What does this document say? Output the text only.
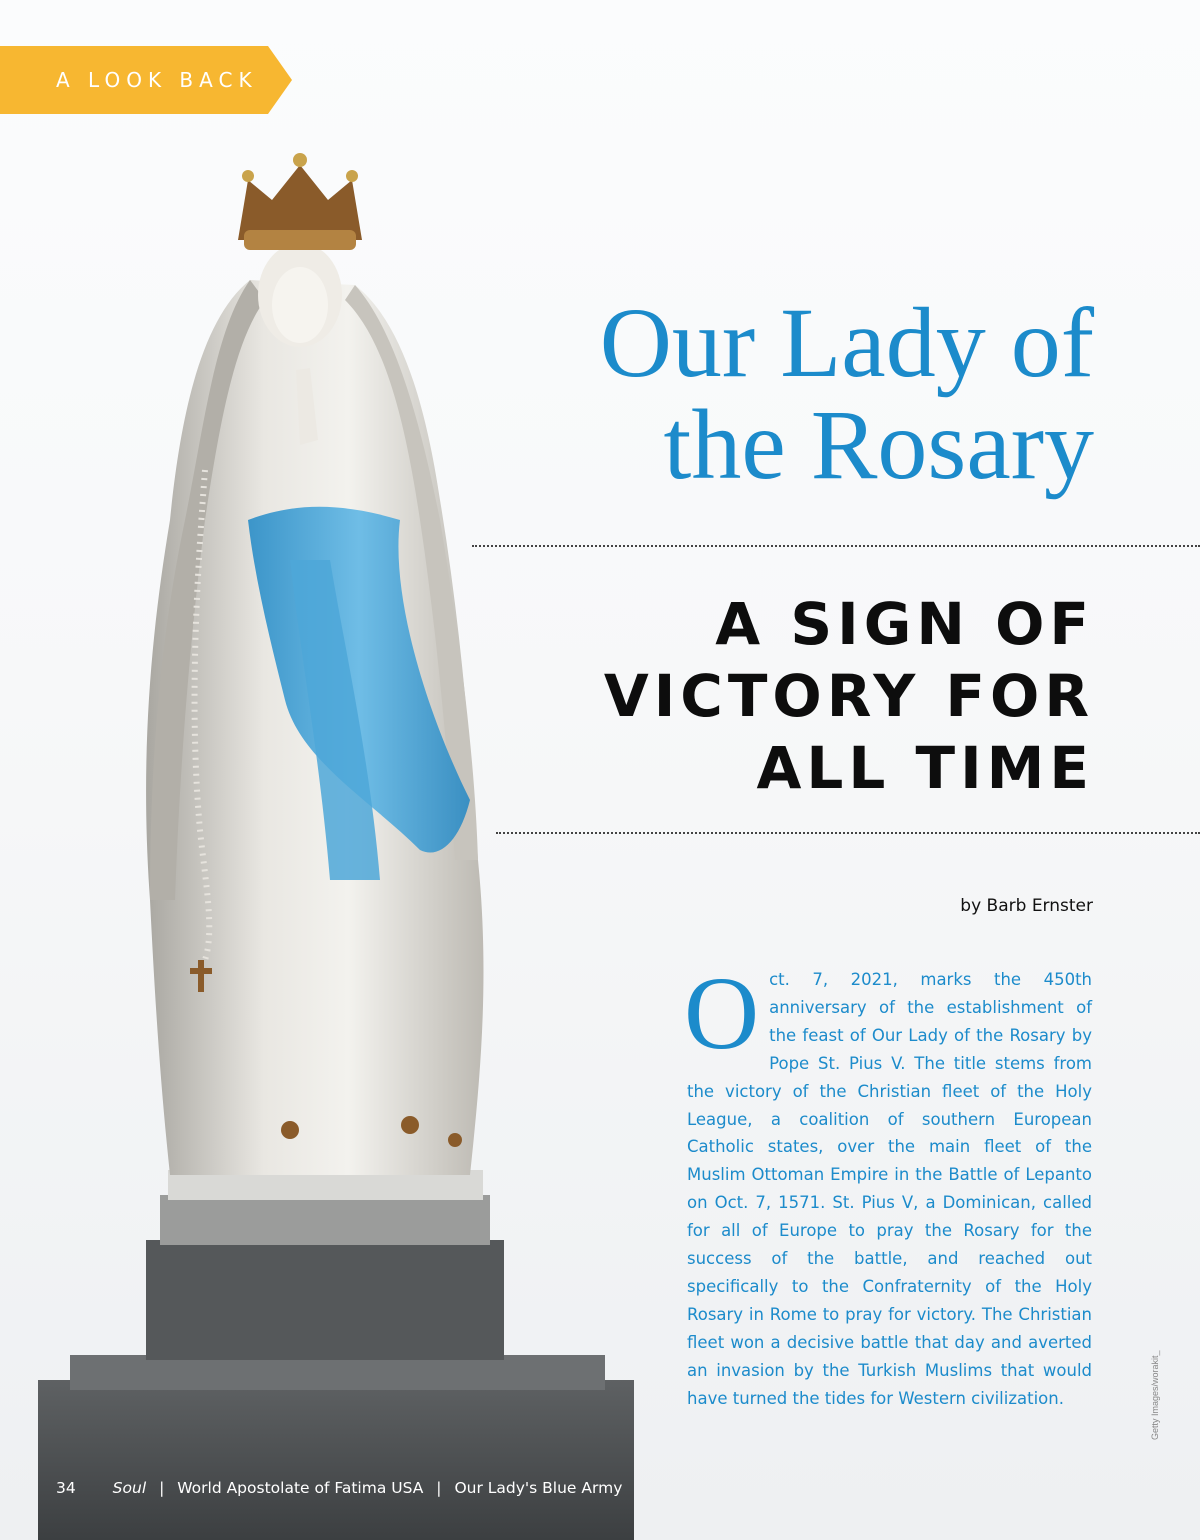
A LOOK BACK
Our Lady of
the Rosary
A SIGN OF
VICTORY FOR
ALL TIME
by Barb Ernster
O ct. 7, 2021, marks the 450th anniversary of the establishment of the feast of Our Lady of the Rosary by Pope St. Pius V. The title stems from the victory of the Christian fleet of the Holy League, a coalition of southern European Catholic states, over the main fleet of the Muslim Ottoman Empire in the Battle of Lepanto on Oct. 7, 1571. St. Pius V, a Dominican, called for all of Europe to pray the Rosary for the success of the battle, and reached out specifically to the Confraternity of the Holy Rosary in Rome to pray for victory. The Christian fleet won a decisive battle that day and averted an invasion by the Turkish Muslims that would have turned the tides for Western civilization.	Getty Images/worakit_
34 Soul | World Apostolate of Fatima USA | Our Lady's Blue Army
